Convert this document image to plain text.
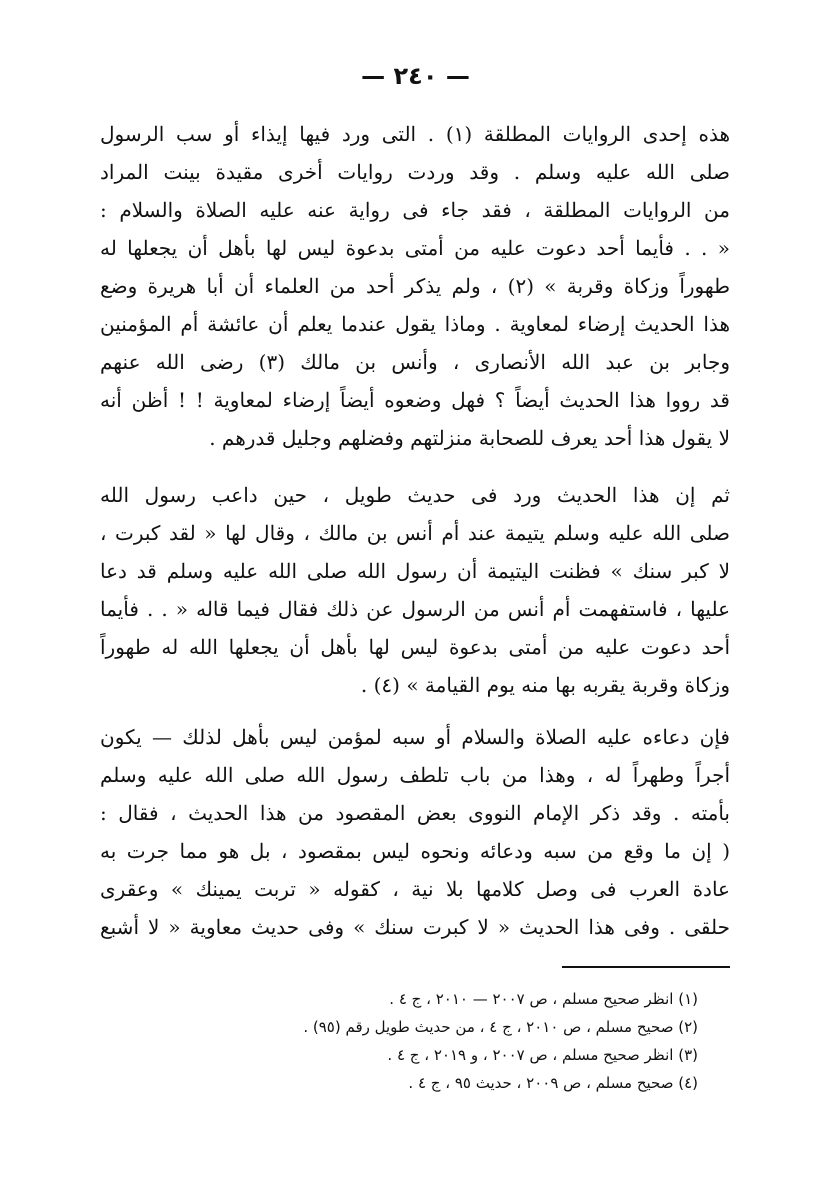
— ٢٤٠ —
هذه إحدى الروايات المطلقة (١) . التى ورد فيها إيذاء أو سب الرسول
صلى الله عليه وسلم . وقد وردت روايات أخرى مقيدة بينت المراد
من الروايات المطلقة ، فقد جاء فى رواية عنه عليه الصلاة والسلام :
« . . فأيما أحد دعوت عليه من أمتى بدعوة ليس لها بأهل أن يجعلها له
طهوراً وزكاة وقربة » (٢) ، ولم يذكر أحد من العلماء أن أبا هريرة وضع
هذا الحديث إرضاء لمعاوية . وماذا يقول عندما يعلم أن عائشة أم المؤمنين
وجابر بن عبد الله الأنصارى ، وأنس بن مالك (٣) رضى الله عنهم
قد رووا هذا الحديث أيضاً ؟ فهل وضعوه أيضاً إرضاء لمعاوية ! ! أظن أنه
لا يقول هذا أحد يعرف للصحابة منزلتهم وفضلهم وجليل قدرهم .
ثم إن هذا الحديث ورد فى حديث طويل ، حين داعب رسول الله
صلى الله عليه وسلم يتيمة عند أم أنس بن مالك ، وقال لها « لقد كبرت ،
لا كبر سنك » فظنت اليتيمة أن رسول الله صلى الله عليه وسلم قد دعا
عليها ، فاستفهمت أم أنس من الرسول عن ذلك فقال فيما قاله « . . فأيما
أحد دعوت عليه من أمتى بدعوة ليس لها بأهل أن يجعلها الله له طهوراً
وزكاة وقربة يقربه بها منه يوم القيامة » (٤) .
فإن دعاءه عليه الصلاة والسلام أو سبه لمؤمن ليس بأهل لذلك — يكون
أجراً وطهراً له ، وهذا من باب تلطف رسول الله صلى الله عليه وسلم
بأمته . وقد ذكر الإمام النووى بعض المقصود من هذا الحديث ، فقال :
( إن ما وقع من سبه ودعائه ونحوه ليس بمقصود ، بل هو مما جرت به
عادة العرب فى وصل كلامها بلا نية ، كقوله « تربت يمينك » وعقرى
حلقى . وفى هذا الحديث « لا كبرت سنك » وفى حديث معاوية « لا أشبع
(١) انظر صحيح مسلم ، ص ٢٠٠٧ — ٢٠١٠ ، ج ٤ .
(٢) صحيح مسلم ، ص ٢٠١٠ ، ج ٤ ، من حديث طويل رقم (٩٥) .
(٣) انظر صحيح مسلم ، ص ٢٠٠٧ ، و ٢٠١٩ ، ج ٤ .
(٤) صحيح مسلم ، ص ٢٠٠٩ ، حديث ٩٥ ، ج ٤ .
